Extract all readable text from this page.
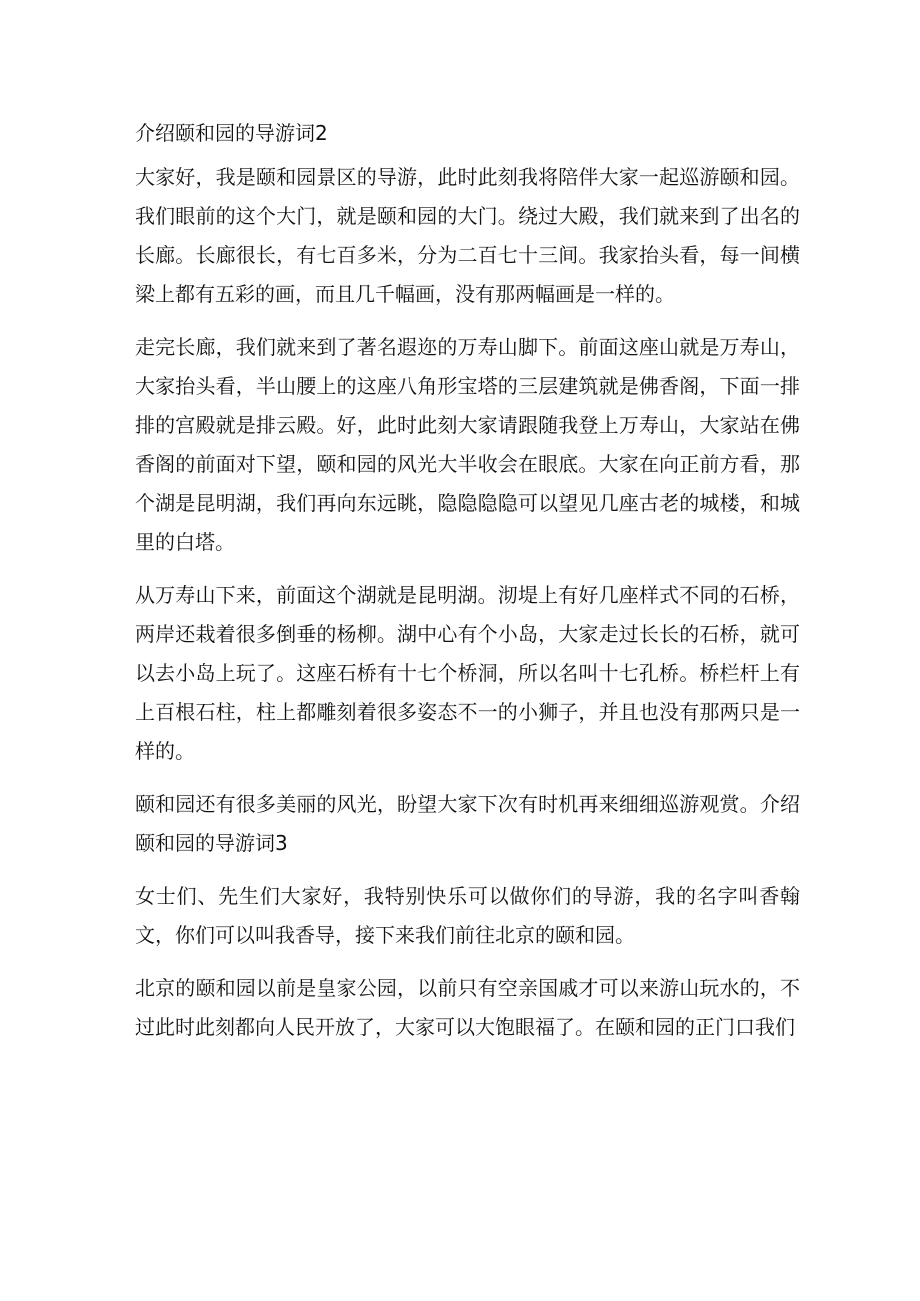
介绍颐和园的导游词2

大家好，我是颐和园景区的导游，此时此刻我将陪伴大家一起巡游颐和园。我们眼前的这个大门，就是颐和园的大门。绕过大殿，我们就来到了出名的长廊。长廊很长，有七百多米，分为二百七十三间。我家抬头看，每一间横梁上都有五彩的画，而且几千幅画，没有那两幅画是一样的。

走完长廊，我们就来到了著名遐迩的万寿山脚下。前面这座山就是万寿山，大家抬头看，半山腰上的这座八角形宝塔的三层建筑就是佛香阁，下面一排排的宫殿就是排云殿。好，此时此刻大家请跟随我登上万寿山，大家站在佛香阁的前面对下望，颐和园的风光大半收会在眼底。大家在向正前方看，那个湖是昆明湖，我们再向东远眺，隐隐隐隐可以望见几座古老的城楼，和城里的白塔。

从万寿山下来，前面这个湖就是昆明湖。沏堤上有好几座样式不同的石桥，两岸还栽着很多倒垂的杨柳。湖中心有个小岛，大家走过长长的石桥，就可以去小岛上玩了。这座石桥有十七个桥洞，所以名叫十七孔桥。桥栏杆上有上百根石柱，柱上都雕刻着很多姿态不一的小狮子，并且也没有那两只是一样的。

颐和园还有很多美丽的风光，盼望大家下次有时机再来细细巡游观赏。介绍颐和园的导游词3

女士们、先生们大家好，我特别快乐可以做你们的导游，我的名字叫香翰文，你们可以叫我香导，接下来我们前往北京的颐和园。

北京的颐和园以前是皇家公园，以前只有空亲国戚才可以来游山玩水的，不过此时此刻都向人民开放了，大家可以大饱眼福了。在颐和园的正门口我们
